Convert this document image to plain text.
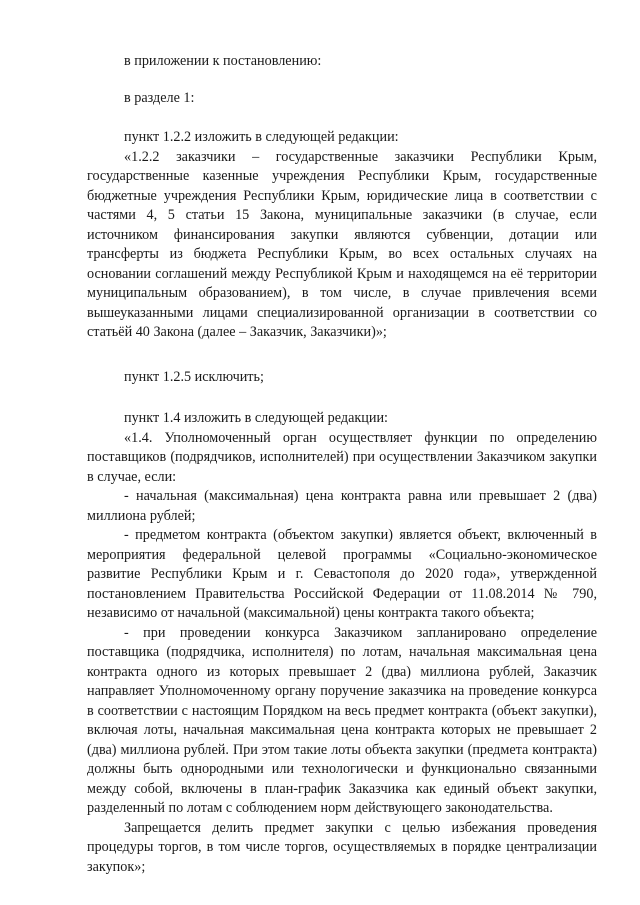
в приложении к постановлению:

в разделе 1:

пункт 1.2.2 изложить в следующей редакции:

«1.2.2 заказчики – государственные заказчики Республики Крым, государственные казенные учреждения Республики Крым, государственные бюджетные учреждения Республики Крым, юридические лица в соответствии с частями 4, 5 статьи 15 Закона, муниципальные заказчики (в случае, если источником финансирования закупки являются субвенции, дотации или трансферты из бюджета Республики Крым, во всех остальных случаях на основании соглашений между Республикой Крым и находящемся на её территории муниципальным образованием), в том числе, в случае привлечения всеми вышеуказанными лицами специализированной организации в соответствии со статьёй 40 Закона (далее – Заказчик, Заказчики)»;

пункт 1.2.5 исключить;

пункт 1.4 изложить в следующей редакции:

«1.4. Уполномоченный орган осуществляет функции по определению поставщиков (подрядчиков, исполнителей) при осуществлении Заказчиком закупки в случае, если:

- начальная (максимальная) цена контракта равна или превышает 2 (два) миллиона рублей;

- предметом контракта (объектом закупки) является объект, включенный в мероприятия федеральной целевой программы «Социально-экономическое развитие Республики Крым и г. Севастополя до 2020 года», утвержденной постановлением Правительства Российской Федерации от 11.08.2014 № 790, независимо от начальной (максимальной) цены контракта такого объекта;

- при проведении конкурса Заказчиком запланировано определение поставщика (подрядчика, исполнителя) по лотам, начальная максимальная цена контракта одного из которых превышает 2 (два) миллиона рублей, Заказчик направляет Уполномоченному органу поручение заказчика на проведение конкурса в соответствии с настоящим Порядком на весь предмет контракта (объект закупки), включая лоты, начальная максимальная цена контракта которых не превышает 2 (два) миллиона рублей. При этом такие лоты объекта закупки (предмета контракта) должны быть однородными или технологически и функционально связанными между собой, включены в план-график Заказчика как единый объект закупки, разделенный по лотам с соблюдением норм действующего законодательства.

Запрещается делить предмет закупки с целью избежания проведения процедуры торгов, в том числе торгов, осуществляемых в порядке централизации закупок»;
